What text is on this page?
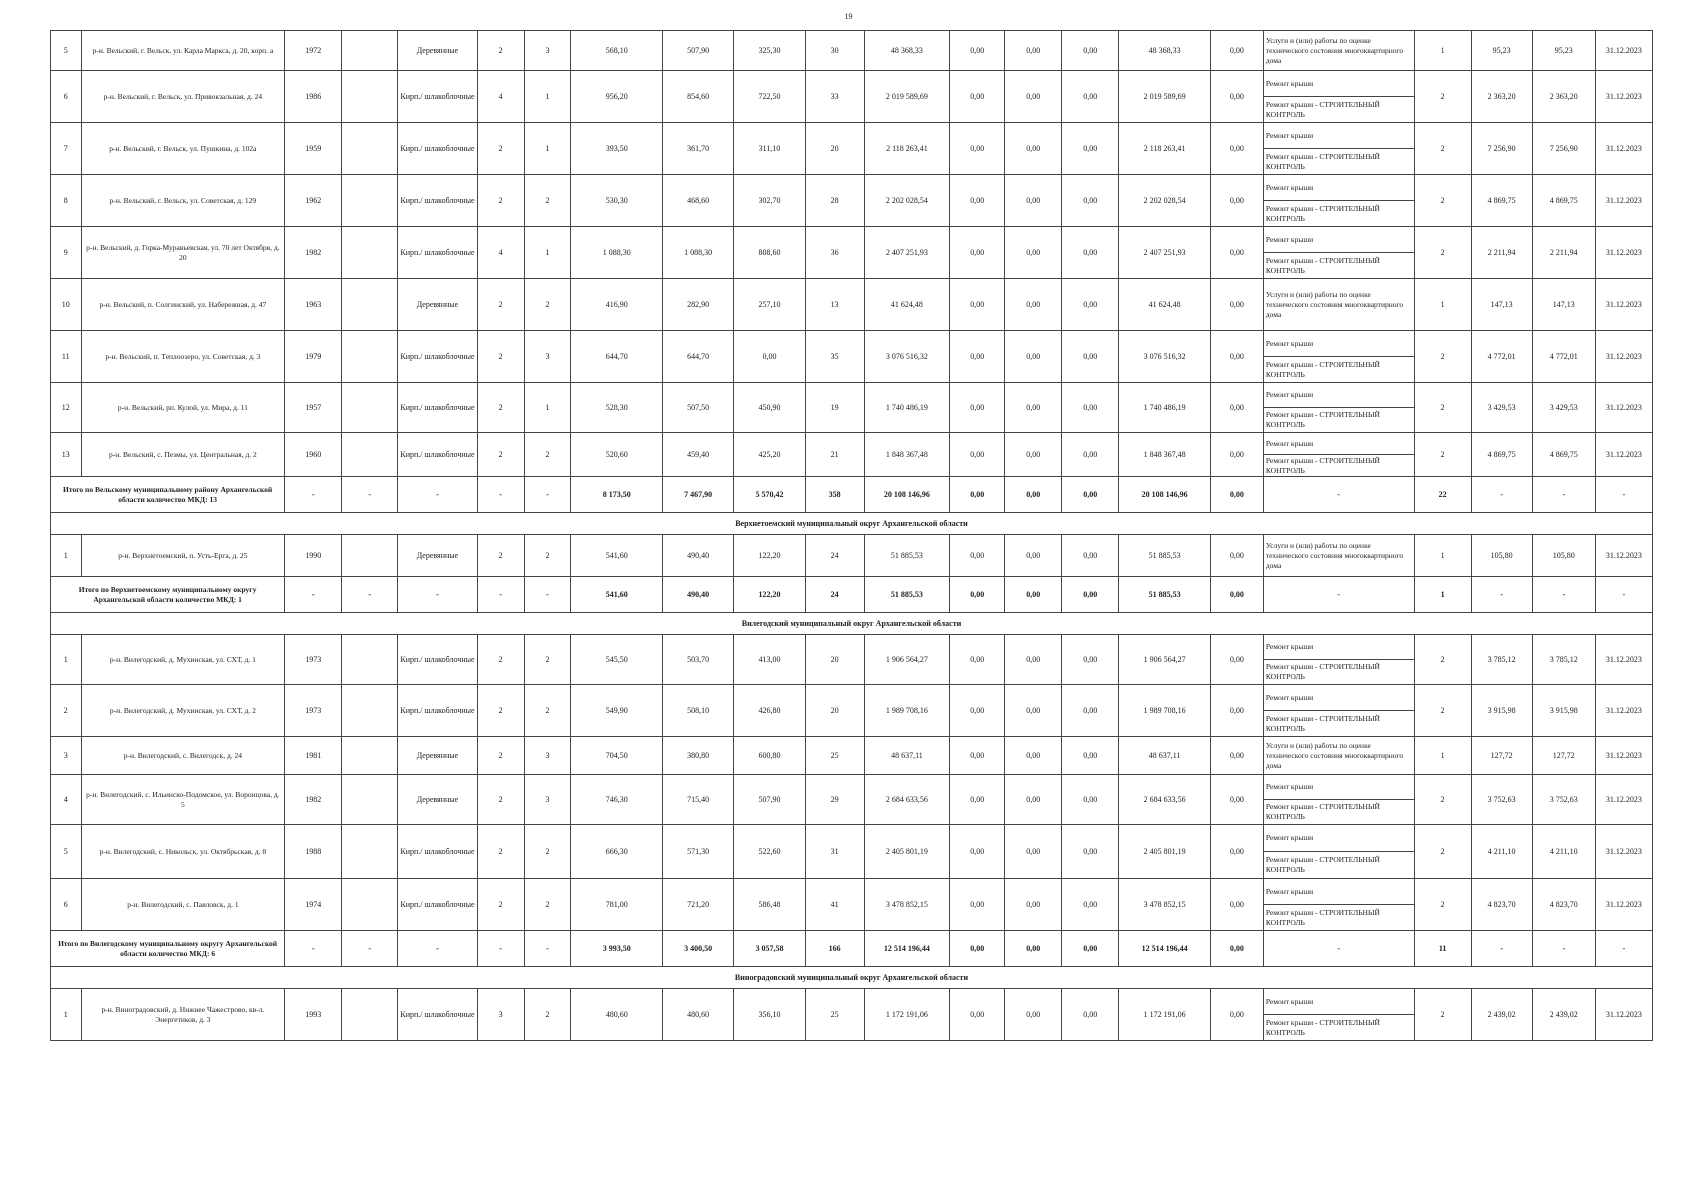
19
5	р-н. Вельский, г. Вельск, ул. Карла Маркса, д. 20, корп. а	1972		Деревянные	2	3	568,10	507,90	325,30	30	48 368,33	0,00	0,00	0,00	48 368,33	0,00	Услуги и (или) работы по оценке технического состояния многоквартирного дома	1	95,23	95,23	31.12.2023
6	р-н. Вельский, г. Вельск, ул. Привокзальная, д. 24	1986		Кирп./ шлакоблочные	4	1	956,20	854,60	722,50	33	2 019 589,69	0,00	0,00	0,00	2 019 589,69	0,00	Ремонт крыши	2	2 363,20	2 363,20	31.12.2023
																	Ремонт крыши - СТРОИТЕЛЬНЫЙ КОНТРОЛЬ				
7	р-н. Вельский, г. Вельск, ул. Пушкина, д. 102а	1959		Кирп./ шлакоблочные	2	1	393,50	361,70	311,10	20	2 118 263,41	0,00	0,00	0,00	2 118 263,41	0,00	Ремонт крыши	2	7 256,90	7 256,90	31.12.2023
																	Ремонт крыши - СТРОИТЕЛЬНЫЙ КОНТРОЛЬ				
8	р-н. Вельский, г. Вельск, ул. Советская, д. 129	1962		Кирп./ шлакоблочные	2	2	530,30	468,60	302,70	28	2 202 028,54	0,00	0,00	0,00	2 202 028,54	0,00	Ремонт крыши	2	4 869,75	4 869,75	31.12.2023
																	Ремонт крыши - СТРОИТЕЛЬНЫЙ КОНТРОЛЬ				
9	р-н. Вельский, д. Горка-Муравьевская, ул. 70 лет Октября, д. 20	1982		Кирп./ шлакоблочные	4	1	1 088,30	1 088,30	808,60	36	2 407 251,93	0,00	0,00	0,00	2 407 251,93	0,00	Ремонт крыши	2	2 211,94	2 211,94	31.12.2023
																	Ремонт крыши - СТРОИТЕЛЬНЫЙ КОНТРОЛЬ				
10	р-н. Вельский, п. Солгинский, ул. Набережная, д. 47	1963		Деревянные	2	2	416,90	282,90	257,10	13	41 624,48	0,00	0,00	0,00	41 624,48	0,00	Услуги и (или) работы по оценке технического состояния многоквартирного дома	1	147,13	147,13	31.12.2023
11	р-н. Вельский, п. Теплоозеро, ул. Советская, д. 3	1979		Кирп./ шлакоблочные	2	3	644,70	644,70	0,00	35	3 076 516,32	0,00	0,00	0,00	3 076 516,32	0,00	Ремонт крыши	2	4 772,01	4 772,01	31.12.2023
																	Ремонт крыши - СТРОИТЕЛЬНЫЙ КОНТРОЛЬ				
12	р-н. Вельский, рп. Кулой, ул. Мира, д. 11	1957		Кирп./ шлакоблочные	2	1	528,30	507,50	450,90	19	1 740 486,19	0,00	0,00	0,00	1 740 486,19	0,00	Ремонт крыши	2	3 429,53	3 429,53	31.12.2023
																	Ремонт крыши - СТРОИТЕЛЬНЫЙ КОНТРОЛЬ				
13	р-н. Вельский, с. Пезмы, ул. Центральная, д. 2	1960		Кирп./ шлакоблочные	2	2	520,60	459,40	425,20	21	1 848 367,48	0,00	0,00	0,00	1 848 367,48	0,00	Ремонт крыши	2	4 869,75	4 869,75	31.12.2023
																	Ремонт крыши - СТРОИТЕЛЬНЫЙ КОНТРОЛЬ				
Итого по Вельскому муниципальному району Архангельской области количество МКД: 13		-	-	-	-	-	8 173,50	7 467,90	5 570,42	358	20 108 146,96	0,00	0,00	0,00	20 108 146,96	0,00	-	22	-	-	-
Верхнетоемский муниципальный округ Архангельской области																					
1	р-н. Верхнетоемский, п. Усть-Ерга, д. 25	1990		Деревянные	2	2	541,60	490,40	122,20	24	51 885,53	0,00	0,00	0,00	51 885,53	0,00	Услуги и (или) работы по оценке технического состояния многоквартирного дома	1	105,80	105,80	31.12.2023
Итого по Верхнетоемскому муниципальному округу Архангельской области количество МКД: 1		-	-	-	-	-	541,60	490,40	122,20	24	51 885,53	0,00	0,00	0,00	51 885,53	0,00	-	1	-	-	-
Вилегодский муниципальный округ Архангельской области																					
1	р-н. Вилегодский, д. Мухинская, ул. СХТ, д. 1	1973		Кирп./ шлакоблочные	2	2	545,50	503,70	413,00	20	1 906 564,27	0,00	0,00	0,00	1 906 564,27	0,00	Ремонт крыши	2	3 785,12	3 785,12	31.12.2023
																	Ремонт крыши - СТРОИТЕЛЬНЫЙ КОНТРОЛЬ				
2	р-н. Вилегодский, д. Мухинская, ул. СХТ, д. 2	1973		Кирп./ шлакоблочные	2	2	549,90	508,10	426,80	20	1 989 708,16	0,00	0,00	0,00	1 989 708,16	0,00	Ремонт крыши	2	3 915,98	3 915,98	31.12.2023
																	Ремонт крыши - СТРОИТЕЛЬНЫЙ КОНТРОЛЬ				
3	р-н. Вилегодский, с. Вилегодск, д. 24	1981		Деревянные	2	3	704,50	380,80	600,80	25	48 637,11	0,00	0,00	0,00	48 637,11	0,00	Услуги и (или) работы по оценке технического состояния многоквартирного дома	1	127,72	127,72	31.12.2023
4	р-н. Вилегодский, с. Ильинско-Подомское, ул. Воронцова, д. 5	1982		Деревянные	2	3	746,30	715,40	507,90	29	2 684 633,56	0,00	0,00	0,00	2 684 633,56	0,00	Ремонт крыши	2	3 752,63	3 752,63	31.12.2023
																	Ремонт крыши - СТРОИТЕЛЬНЫЙ КОНТРОЛЬ				
5	р-н. Вилегодский, с. Никольск, ул. Октябрьская, д. 8	1988		Кирп./ шлакоблочные	2	2	666,30	571,30	522,60	31	2 405 801,19	0,00	0,00	0,00	2 405 801,19	0,00	Ремонт крыши	2	4 211,10	4 211,10	31.12.2023
																	Ремонт крыши - СТРОИТЕЛЬНЫЙ КОНТРОЛЬ				
6	р-н. Вилегодский, с. Павловск, д. 1	1974		Кирп./ шлакоблочные	2	2	781,00	721,20	586,48	41	3 478 852,15	0,00	0,00	0,00	3 478 852,15	0,00	Ремонт крыши	2	4 823,70	4 823,70	31.12.2023
																	Ремонт крыши - СТРОИТЕЛЬНЫЙ КОНТРОЛЬ				
Итого по Вилегодскому муниципальному округу Архангельской области количество МКД: 6		-	-	-	-	-	3 993,50	3 400,50	3 057,58	166	12 514 196,44	0,00	0,00	0,00	12 514 196,44	0,00	-	11	-	-	-
Виноградовский муниципальный округ Архангельской области																					
1	р-н. Виноградовский, д. Нижнее Чажестрово, кв-л. Энергетиков, д. 3	1993		Кирп./ шлакоблочные	3	2	480,60	480,60	356,10	25	1 172 191,06	0,00	0,00	0,00	1 172 191,06	0,00	Ремонт крыши	2	2 439,02	2 439,02	31.12.2023
																	Ремонт крыши - СТРОИТЕЛЬНЫЙ КОНТРОЛЬ				
